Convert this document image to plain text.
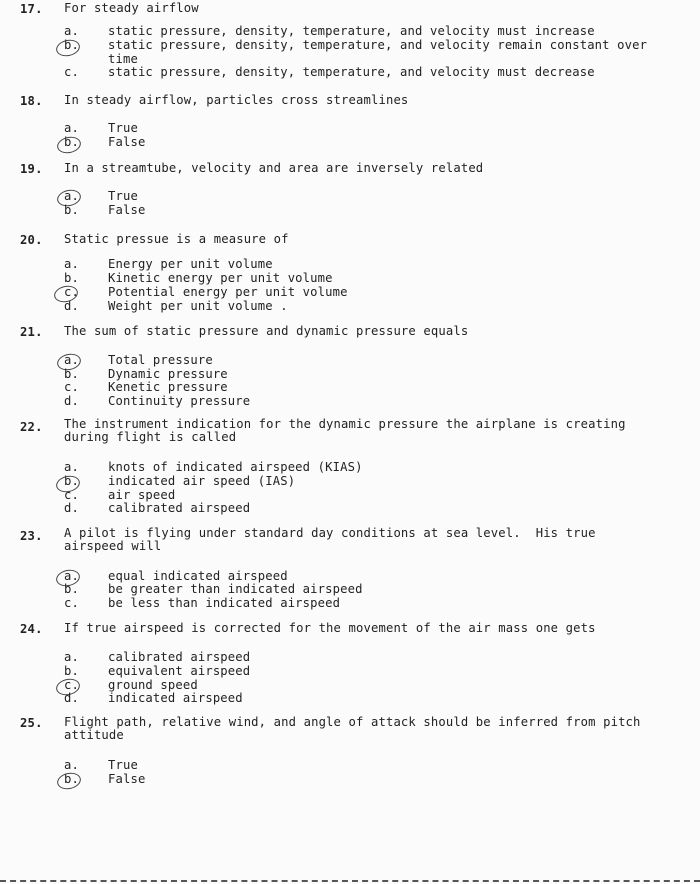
17. For steady airflow
a. static pressure, density, temperature, and velocity must increase
b. static pressure, density, temperature, and velocity remain constant over time
c. static pressure, density, temperature, and velocity must decrease
18. In steady airflow, particles cross streamlines
a. True
b. False
19. In a streamtube, velocity and area are inversely related
a. True
b. False
20. Static pressue is a measure of
a. Energy per unit volume
b. Kinetic energy per unit volume
c. Potential energy per unit volume
d. Weight per unit volume .
21. The sum of static pressure and dynamic pressure equals
a. Total pressure
b. Dynamic pressure
c. Kenetic pressure
d. Continuity pressure
22. The instrument indication for the dynamic pressure the airplane is creating during flight is called
a. knots of indicated airspeed (KIAS)
b. indicated air speed (IAS)
c. air speed
d. calibrated airspeed
23. A pilot is flying under standard day conditions at sea level.  His true airspeed will
a. equal indicated airspeed
b. be greater than indicated airspeed
c. be less than indicated airspeed
24. If true airspeed is corrected for the movement of the air mass one gets
a. calibrated airspeed
b. equivalent airspeed
c. ground speed
d. indicated airspeed
25. Flight path, relative wind, and angle of attack should be inferred from pitch attitude
a. True
b. False
